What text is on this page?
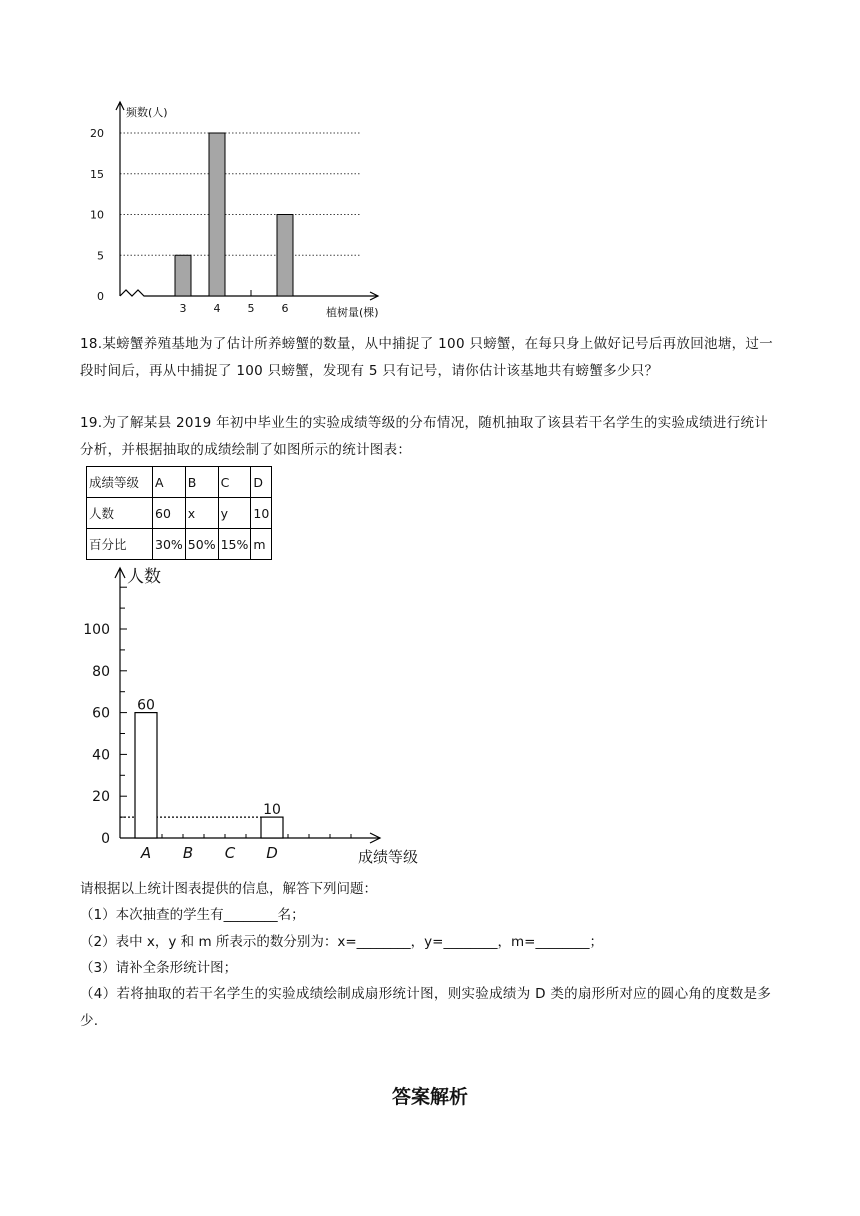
0
5
10
15
20
3 4 5 6
频数(人)
植树量(棵)
18.某螃蟹养殖基地为了估计所养螃蟹的数量，从中捕捉了 100 只螃蟹，在每只身上做好记号后再放回池塘，过一段时间后，再从中捕捉了 100 只螃蟹，发现有 5 只有记号，请你估计该基地共有螃蟹多少只？
19.为了解某县 2019 年初中毕业生的实验成绩等级的分布情况，随机抽取了该县若干名学生的实验成绩进行统计分析，并根据抽取的成绩绘制了如图所示的统计图表：
成绩等级	A	B	C	D
人数	60	x	y	10
百分比	30%	50%	15%	m
0
20
40
60
80
100
60
A B C
10
D
人数
成绩等级
请根据以上统计图表提供的信息，解答下列问题：
（1）本次抽查的学生有________名；
（2）表中 x，y 和 m 所表示的数分别为：x=________，y=________，m=________；
（3）请补全条形统计图；
（4）若将抽取的若干名学生的实验成绩绘制成扇形统计图，则实验成绩为 D 类的扇形所对应的圆心角的度数是多少.
答案解析
